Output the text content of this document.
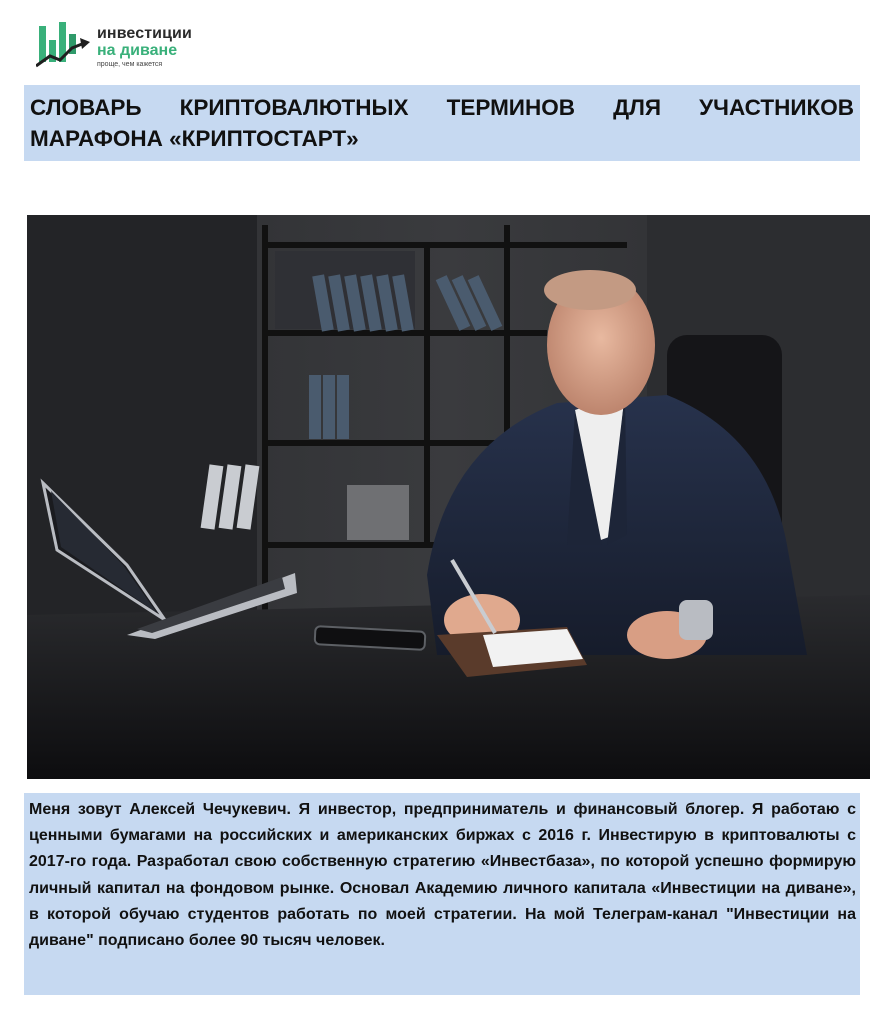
инвестиции
на диване
проще, чем кажется
СЛОВАРЬ КРИПТОВАЛЮТНЫХ ТЕРМИНОВ ДЛЯ УЧАСТНИКОВ МАРАФОНА «КРИПТОСТАРТ»
Меня зовут Алексей Чечукевич. Я инвестор, предприниматель и финансовый блогер. Я работаю с ценными бумагами на российских и американских биржах с 2016 г. Инвестирую в криптовалюты с 2017-го года. Разработал свою собственную стратегию «Инвестбаза», по которой успешно формирую личный капитал на фондовом рынке. Основал Академию личного капитала «Инвестиции на диване», в которой обучаю студентов работать по моей стратегии. На мой Телеграм-канал "Инвестиции на диване" подписано более 90 тысяч человек.
